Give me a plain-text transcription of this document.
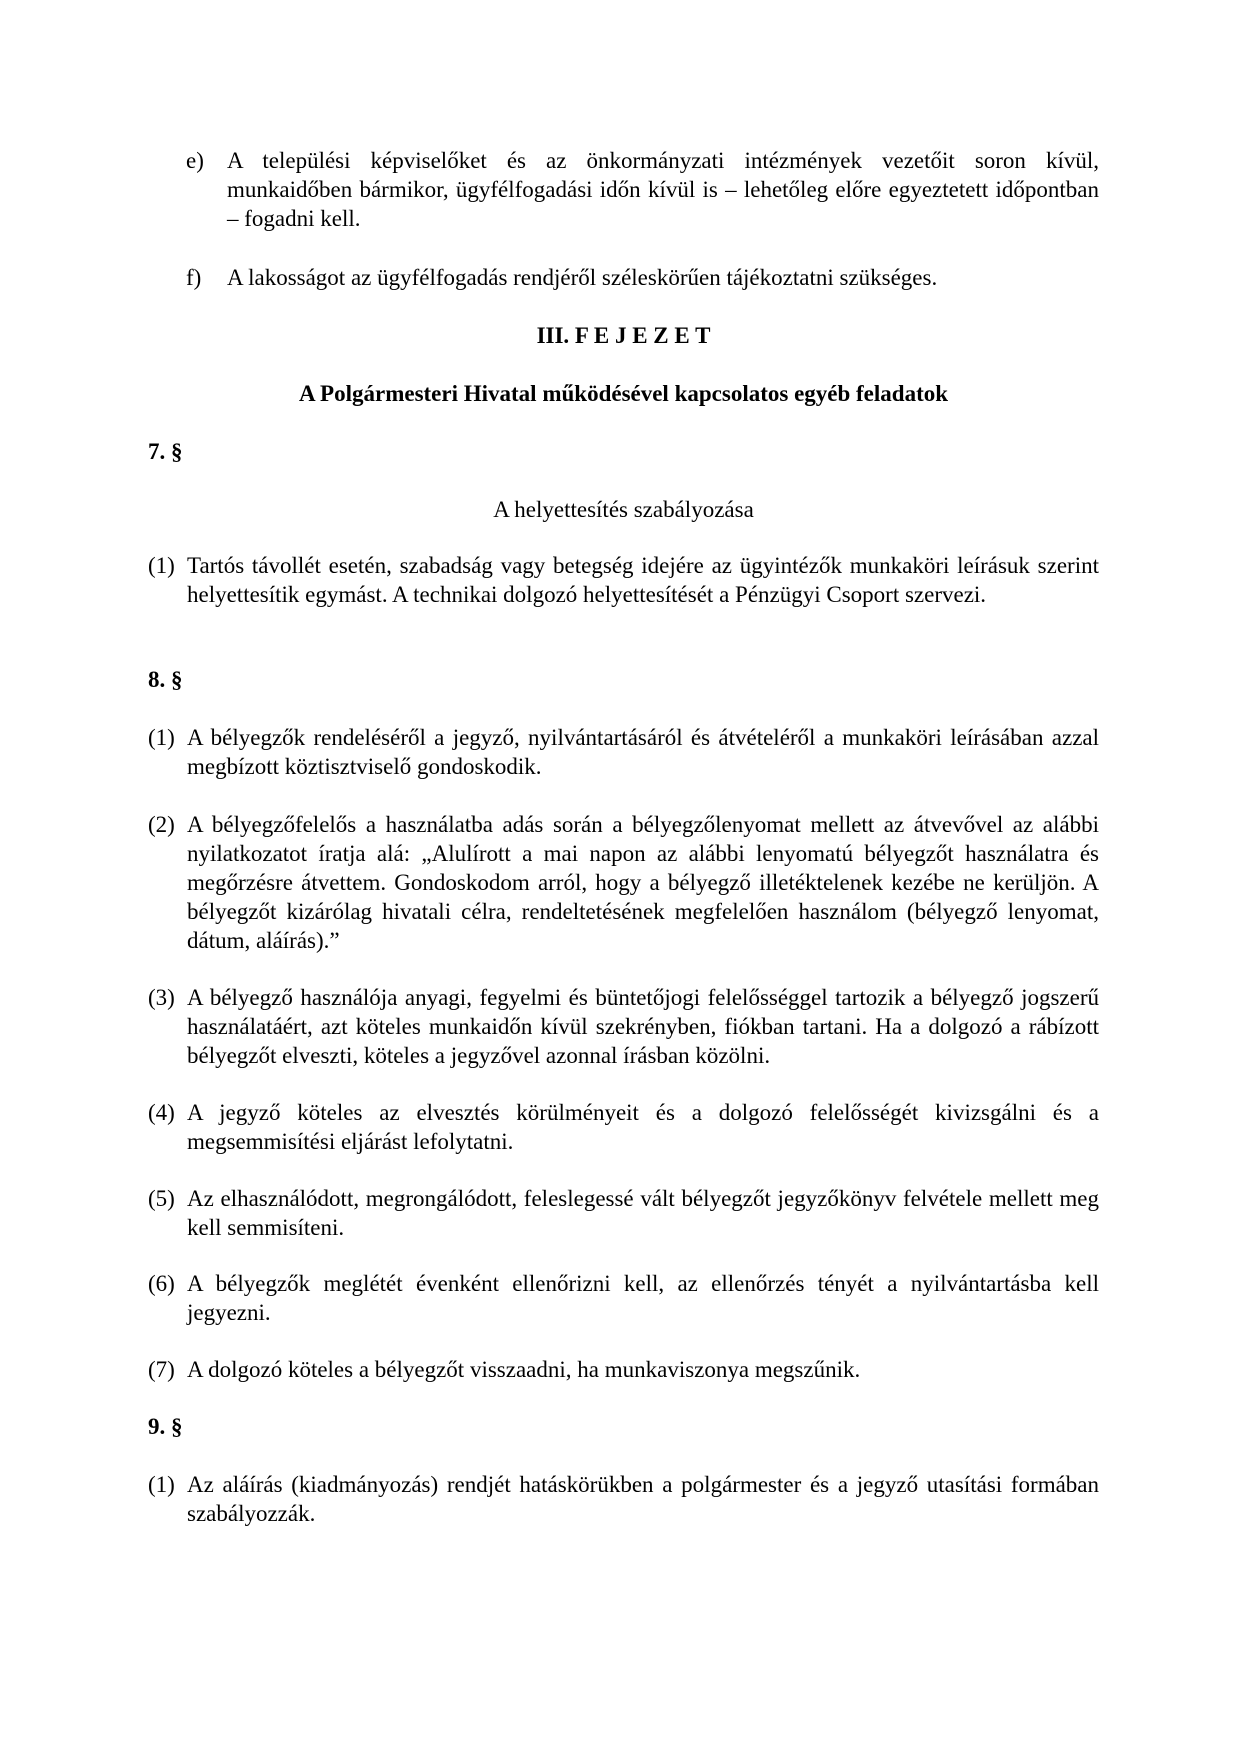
e)	A települési képviselőket és az önkormányzati intézmények vezetőit soron kívül, munkaidőben bármikor, ügyfélfogadási időn kívül is – lehetőleg előre egyeztetett időpontban – fogadni kell.
f)	A lakosságot az ügyfélfogadás rendjéről széleskörűen tájékoztatni szükséges.

III. F E J E Z E T

A Polgármesteri Hivatal működésével kapcsolatos egyéb feladatok

7. §

A helyettesítés szabályozása

(1) Tartós távollét esetén, szabadság vagy betegség idejére az ügyintézők munkaköri leírásuk szerint helyettesítik egymást. A technikai dolgozó helyettesítését a Pénzügyi Csoport szervezi.

8. §

(1) A bélyegzők rendeléséről a jegyző, nyilvántartásáról és átvételéről a munkaköri leírásában azzal megbízott köztisztviselő gondoskodik.
(2) A bélyegzőfelelős a használatba adás során a bélyegzőlenyomat mellett az átvevővel az alábbi nyilatkozatot íratja alá: „Alulírott a mai napon az alábbi lenyomatú bélyegzőt használatra és megőrzésre átvettem. Gondoskodom arról, hogy a bélyegző illetéktelenek kezébe ne kerüljön. A bélyegzőt kizárólag hivatali célra, rendeltetésének megfelelően használom (bélyegző lenyomat, dátum, aláírás).”
(3) A bélyegző használója anyagi, fegyelmi és büntetőjogi felelősséggel tartozik a bélyegző jogszerű használatáért, azt köteles munkaidőn kívül szekrényben, fiókban tartani. Ha a dolgozó a rábízott bélyegzőt elveszti, köteles a jegyzővel azonnal írásban közölni.
(4) A jegyző köteles az elvesztés körülményeit és a dolgozó felelősségét kivizsgálni és a megsemmisítési eljárást lefolytatni.
(5) Az elhasználódott, megrongálódott, feleslegessé vált bélyegzőt jegyzőkönyv felvétele mellett meg kell semmisíteni.
(6) A bélyegzők meglétét évenként ellenőrizni kell, az ellenőrzés tényét a nyilvántartásba kell jegyezni.
(7) A dolgozó köteles a bélyegzőt visszaadni, ha munkaviszonya megszűnik.

9. §

(1) Az aláírás (kiadmányozás) rendjét hatáskörükben a polgármester és a jegyző utasítási formában szabályozzák.
